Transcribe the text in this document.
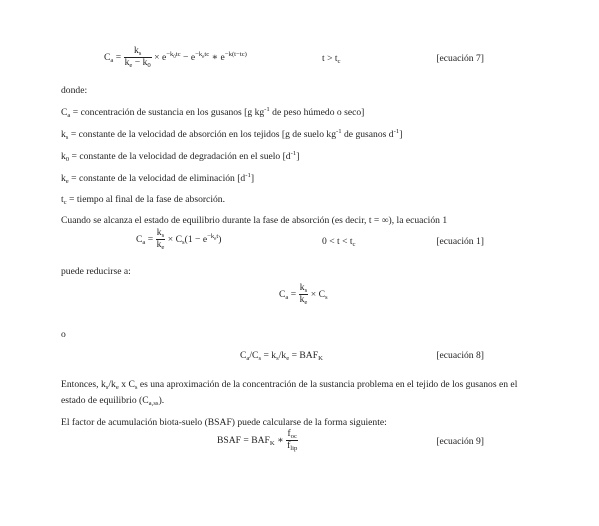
$C_a = \frac{k_s}{k_e - k_0} \times e^{-k_0tc} - e^{-k_etc}$ ∗ $e^{-k(t-tc)}$	$t > t_c$	[ecuación 7]
donde:
$C_a$ = concentración de sustancia en los gusanos [g $kg^{-1}$ de peso húmedo o seco]
$k_s$ = constante de la velocidad de absorción en los tejidos [g de suelo $kg^{-1}$ de gusanos $d^{-1}$]
$k_0$ = constante de la velocidad de degradación en el suelo $[d^{-1}]$
$k_e$ = constante de la velocidad de eliminación $[d^{-1}]$
$t_c$ = tiempo al final de la fase de absorción.
Cuando se alcanza el estado de equilibrio durante la fase de absorción (es decir, t = ∞), la ecuación 1
$C_a = \frac{k_s}{k_e} \times C_s(1 - e^{-k_et})$	$0 < t < t_c$	[ecuación 1]
puede reducirse a:
$C_a = \frac{k_s}{k_e} \times C_s$
o
$C_a/C_s = k_s/k_e = BAF_K$	[ecuación 8]
Entonces, $k_s/k_e$ x $C_s$ es una aproximación de la concentración de la sustancia problema en el tejido de los gusanos en el estado de equilibrio $(C_{a,ss})$.
El factor de acumulación biota-suelo (BSAF) puede calcularse de la forma siguiente:
BSAF = $BAF_K$ ∗ $\frac{f_{oc}}{f_{lip}}$	[ecuación 9]
